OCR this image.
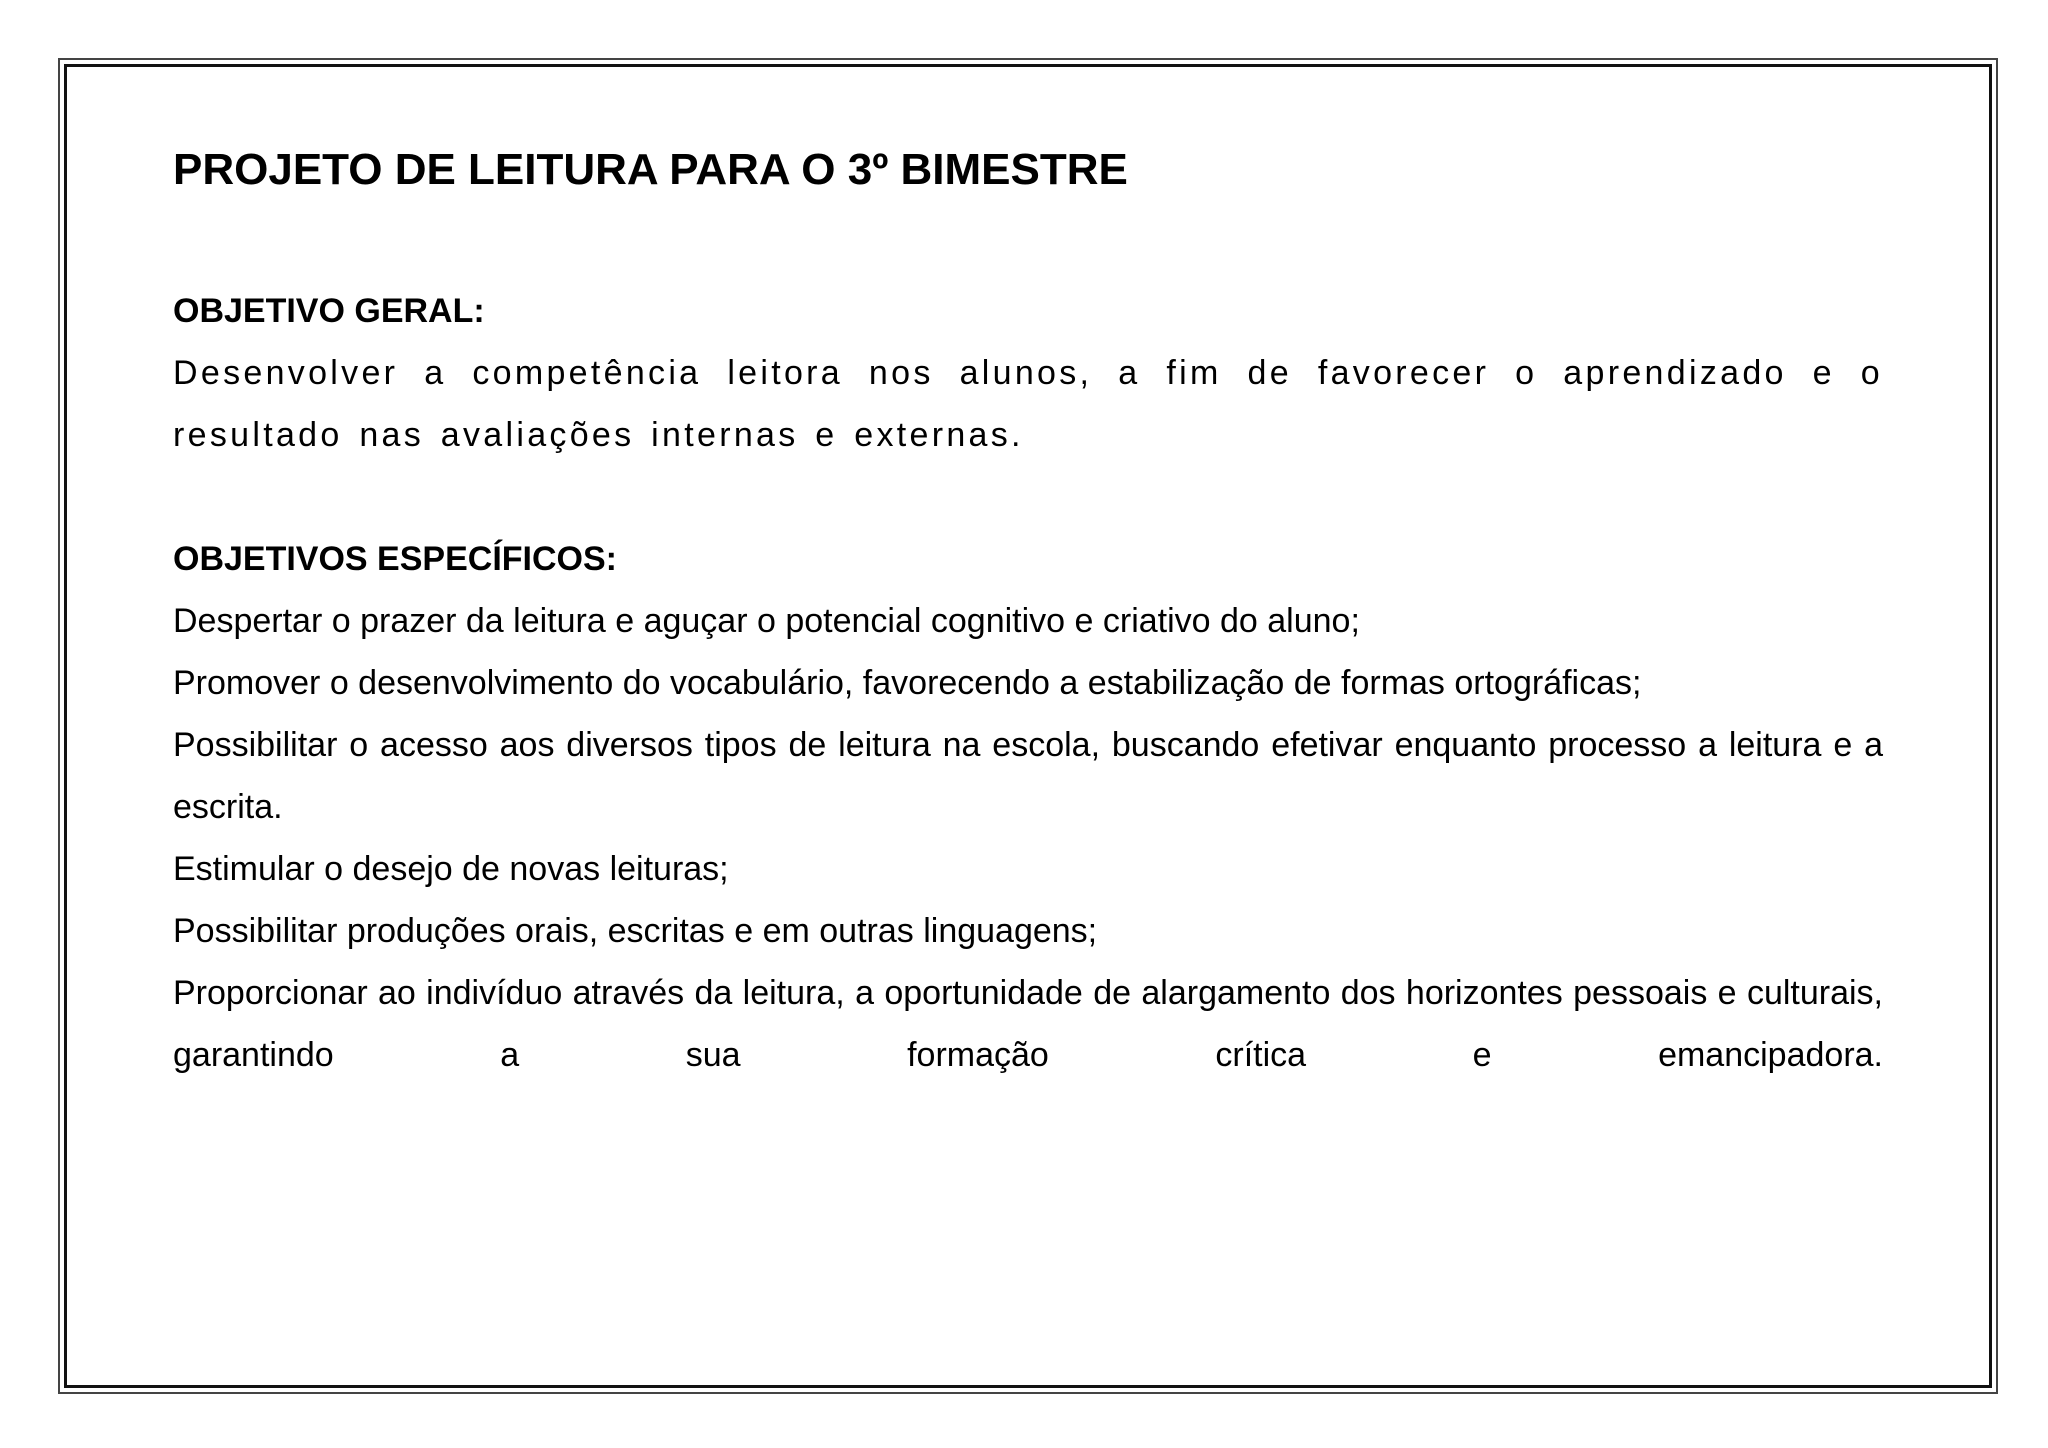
PROJETO DE LEITURA PARA O 3º BIMESTRE
OBJETIVO GERAL:

Desenvolver a competência leitora nos alunos, a fim de favorecer o aprendizado e o resultado nas avaliações internas e externas.

OBJETIVOS ESPECÍFICOS:

Despertar o prazer da leitura e aguçar o potencial cognitivo e criativo do aluno;

Promover o desenvolvimento do vocabulário, favorecendo a estabilização de formas ortográficas;

Possibilitar o acesso aos diversos tipos de leitura na escola, buscando efetivar enquanto processo a leitura e a escrita.

Estimular o desejo de novas leituras;

Possibilitar produções orais, escritas e em outras linguagens;

Proporcionar ao indivíduo através da leitura, a oportunidade de alargamento dos horizontes pessoais e culturais, garantindo a sua formação crítica e emancipadora.
